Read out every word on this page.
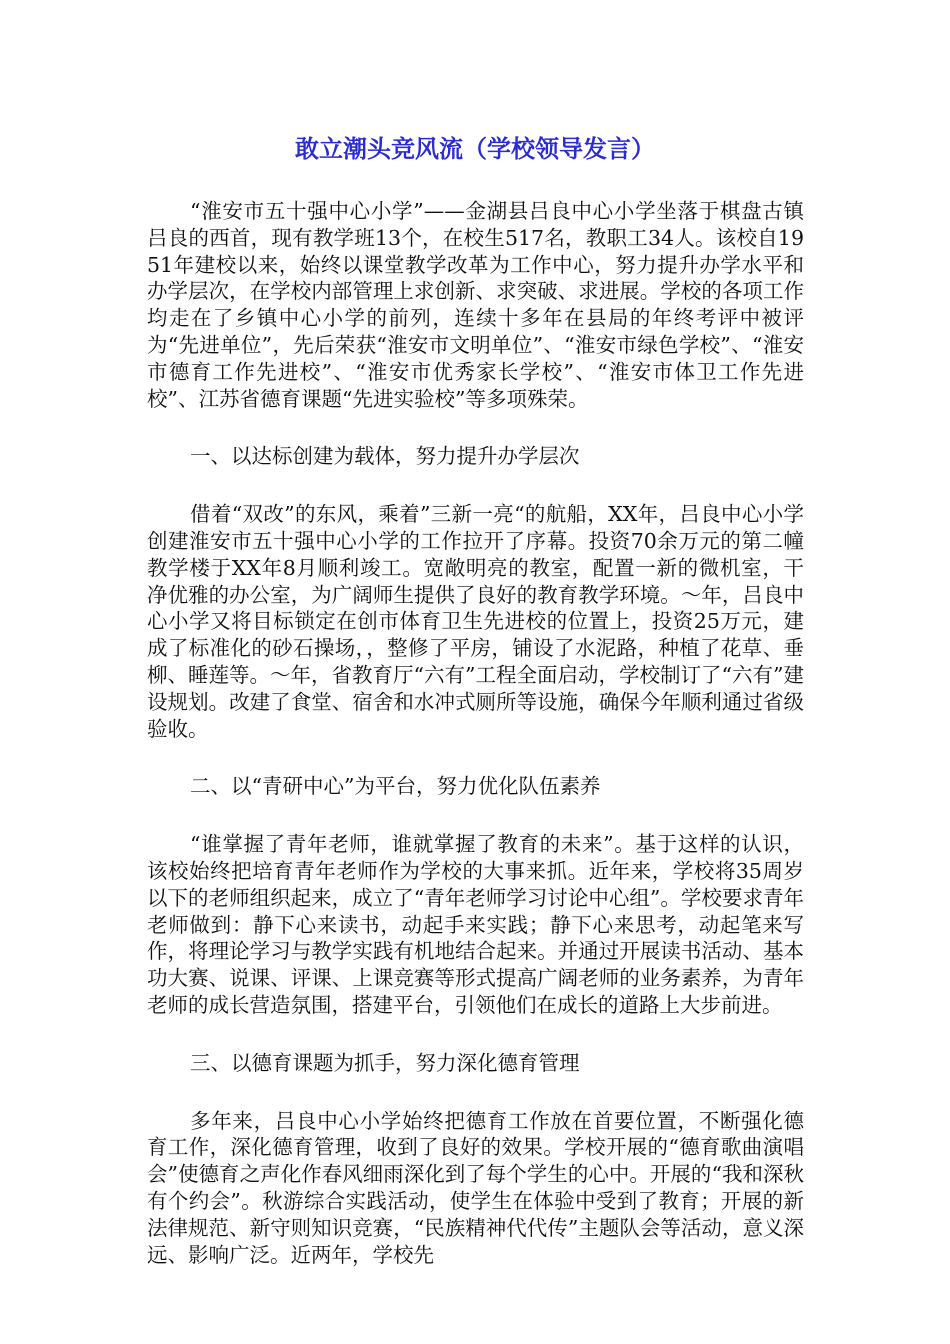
敢立潮头竞风流（学校领导发言）

“淮安市五十强中心小学”——金湖县吕良中心小学坐落于棋盘古镇吕良的西首，现有教学班13个，在校生517名，教职工34人。该校自1951年建校以来，始终以课堂教学改革为工作中心，努力提升办学水平和办学层次，在学校内部管理上求创新、求突破、求进展。学校的各项工作均走在了乡镇中心小学的前列，连续十多年在县局的年终考评中被评为“先进单位”，先后荣获“淮安市文明单位”、“淮安市绿色学校”、“淮安市德育工作先进校”、“淮安市优秀家长学校”、“淮安市体卫工作先进校”、江苏省德育课题“先进实验校”等多项殊荣。

一、以达标创建为载体，努力提升办学层次

借着“双改”的东风，乘着”三新一亮“的航船，XX年，吕良中心小学创建淮安市五十强中心小学的工作拉开了序幕。投资70余万元的第二幢教学楼于XX年8月顺利竣工。宽敞明亮的教室，配置一新的微机室，干净优雅的办公室，为广阔师生提供了良好的教育教学环境。～年，吕良中心小学又将目标锁定在创市体育卫生先进校的位置上，投资25万元，建成了标准化的砂石操场，，整修了平房，铺设了水泥路，种植了花草、垂柳、睡莲等。～年，省教育厅“六有”工程全面启动，学校制订了“六有”建设规划。改建了食堂、宿舍和水冲式厕所等设施，确保今年顺利通过省级验收。

二、以“青研中心”为平台，努力优化队伍素养

“谁掌握了青年老师，谁就掌握了教育的未来”。基于这样的认识，该校始终把培育青年老师作为学校的大事来抓。近年来，学校将35周岁以下的老师组织起来，成立了“青年老师学习讨论中心组”。学校要求青年老师做到：静下心来读书，动起手来实践；静下心来思考，动起笔来写作，将理论学习与教学实践有机地结合起来。并通过开展读书活动、基本功大赛、说课、评课、上课竞赛等形式提高广阔老师的业务素养，为青年老师的成长营造氛围，搭建平台，引领他们在成长的道路上大步前进。

三、以德育课题为抓手，努力深化德育管理

多年来，吕良中心小学始终把德育工作放在首要位置，不断强化德育工作，深化德育管理，收到了良好的效果。学校开展的“德育歌曲演唱会”使德育之声化作春风细雨深化到了每个学生的心中。开展的“我和深秋有个约会”。秋游综合实践活动，使学生在体验中受到了教育；开展的新法律规范、新守则知识竞赛，“民族精神代代传”主题队会等活动，意义深远、影响广泛。近两年，学校先
